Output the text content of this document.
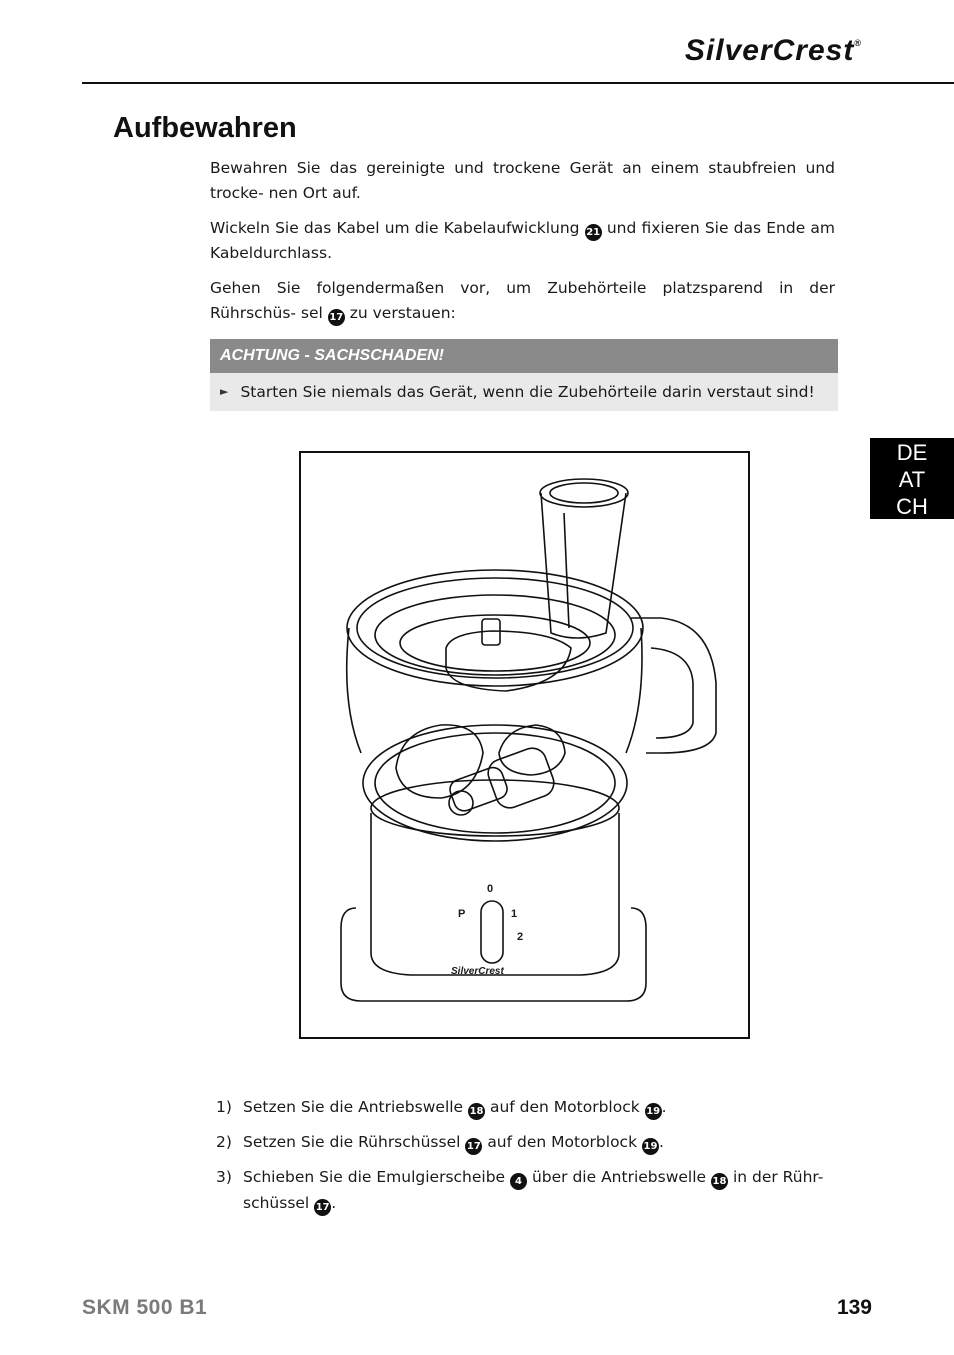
SilverCrest®
Aufbewahren

Bewahren Sie das gereinigte und trockene Gerät an einem staubfreien und trocke- nen Ort auf.

Wickeln Sie das Kabel um die Kabelaufwicklung 21 und fixieren Sie das Ende am Kabeldurchlass.

Gehen Sie folgendermaßen vor, um Zubehörteile platzsparend in der Rührschüs- sel 17 zu verstauen:

ACHTUNG - SACHSCHADEN!
► Starten Sie niemals das Gerät, wenn die Zubehörteile darin verstaut sind!
DE
AT
CH
0
P	1
2
SilverCrest
1) Setzen Sie die Antriebswelle 18 auf den Motorblock 19.
2) Setzen Sie die Rührschüssel 17 auf den Motorblock 19.
3) Schieben Sie die Emulgierscheibe 4 über die Antriebswelle 18 in der Rühr- schüssel 17.
SKM 500 B1	139
